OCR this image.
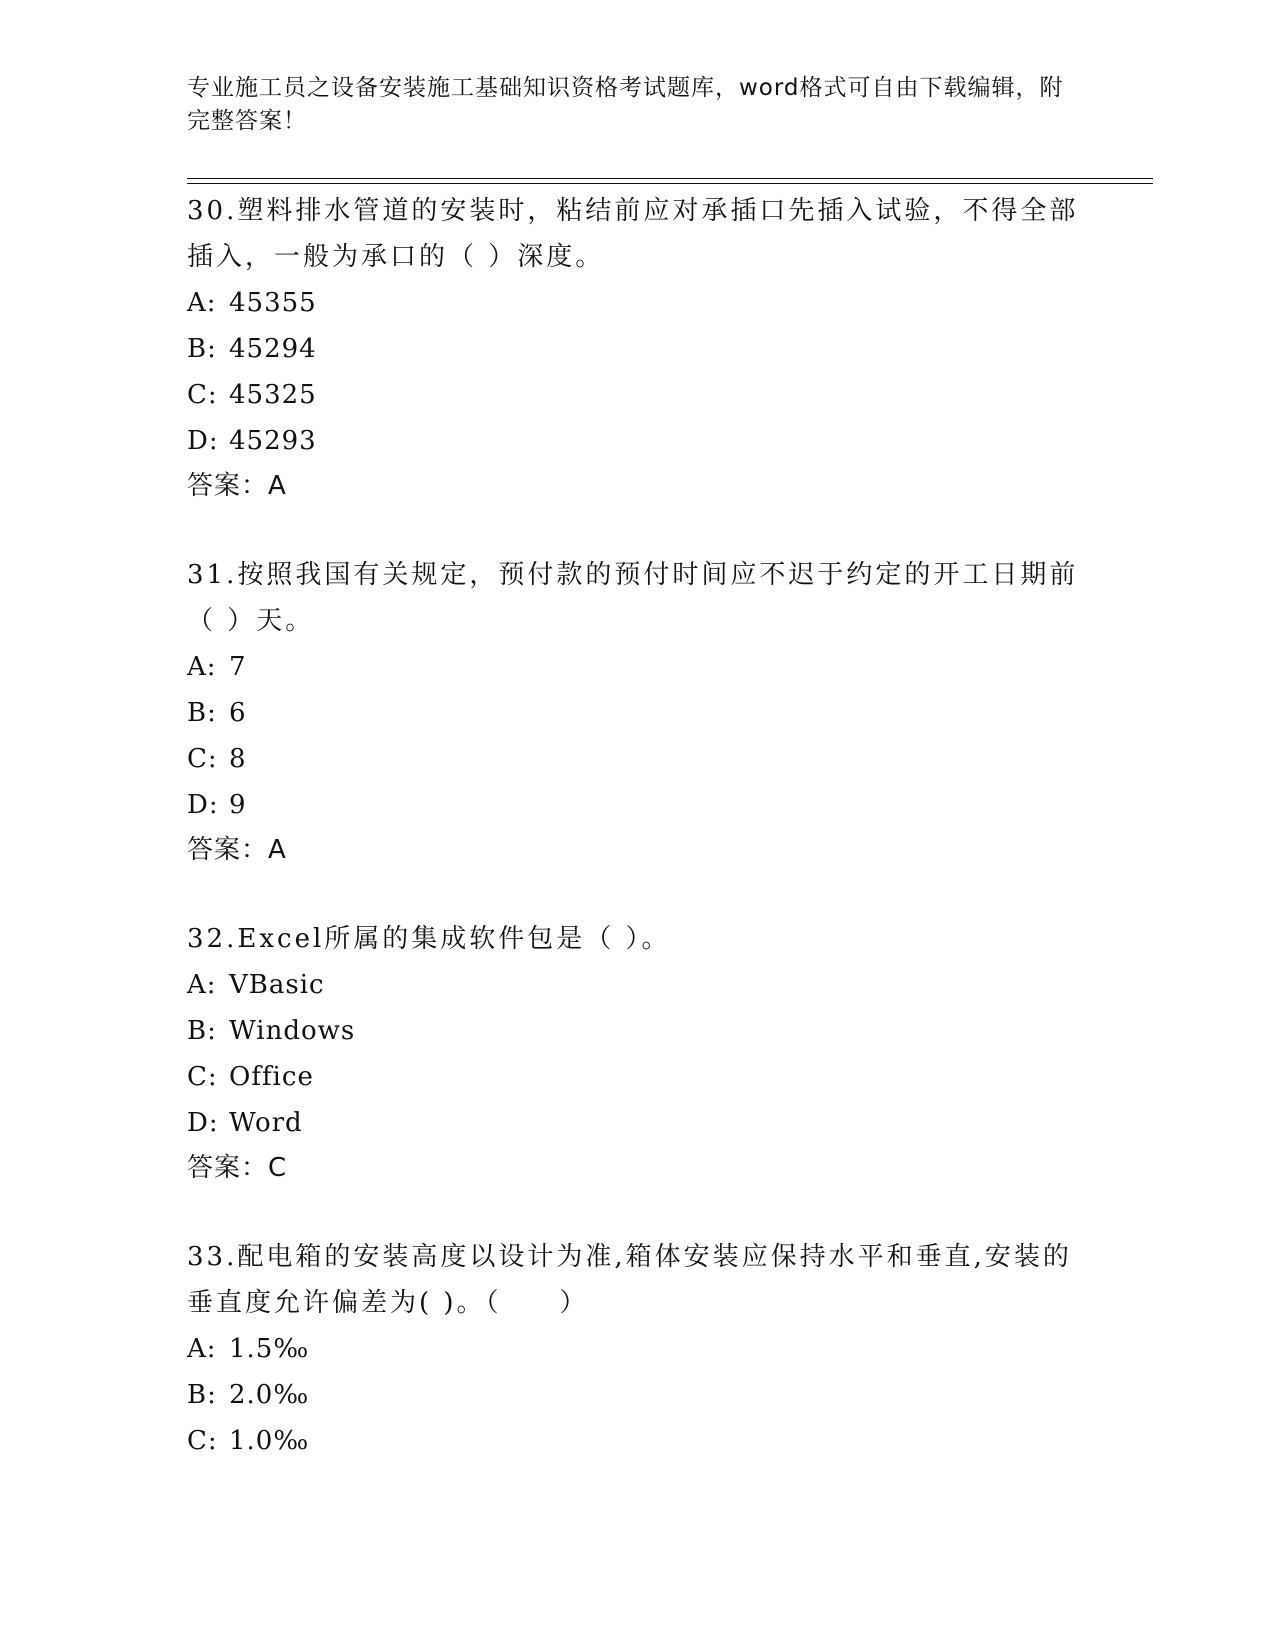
专业施工员之设备安装施工基础知识资格考试题库，word格式可自由下载编辑，附完整答案！
30.塑料排水管道的安装时，粘结前应对承插口先插入试验，不得全部插入，一般为承口的（ ）深度。
A: 45355
B: 45294
C: 45325
D: 45293
答案：A
31.按照我国有关规定，预付款的预付时间应不迟于约定的开工日期前（ ）天。
A: 7
B: 6
C: 8
D: 9
答案：A
32.Excel所属的集成软件包是（ ）。
A: VBasic
B: Windows
C: Office
D: Word
答案：C
33.配电箱的安装高度以设计为准,箱体安装应保持水平和垂直,安装的垂直度允许偏差为( )。（　　）
A: 1.5‰
B: 2.0‰
C: 1.0‰
